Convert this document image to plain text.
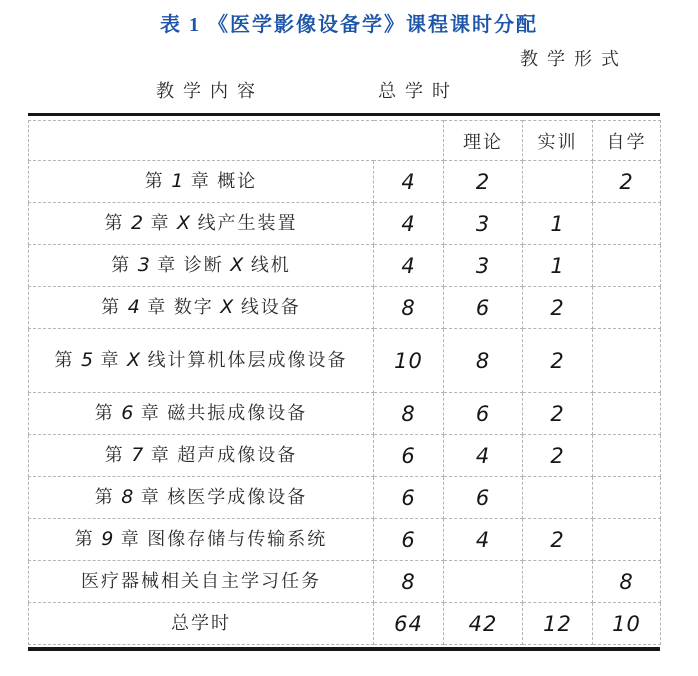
表 1 《医学影像设备学》课程课时分配
教学形式
教学内容	总学时
		理论	实训	自学
第 1 章 概论	4	2		2
第 2 章 X 线产生装置	4	3	1	
第 3 章 诊断 X 线机	4	3	1	
第 4 章 数字 X 线设备	8	6	2	
第 5 章 X 线计算机体层成像设备	10	8	2	
第 6 章 磁共振成像设备	8	6	2	
第 7 章 超声成像设备	6	4	2	
第 8 章 核医学成像设备	6	6		
第 9 章 图像存储与传输系统	6	4	2	
医疗器械相关自主学习任务	8			8
总学时	64	42	12	10
